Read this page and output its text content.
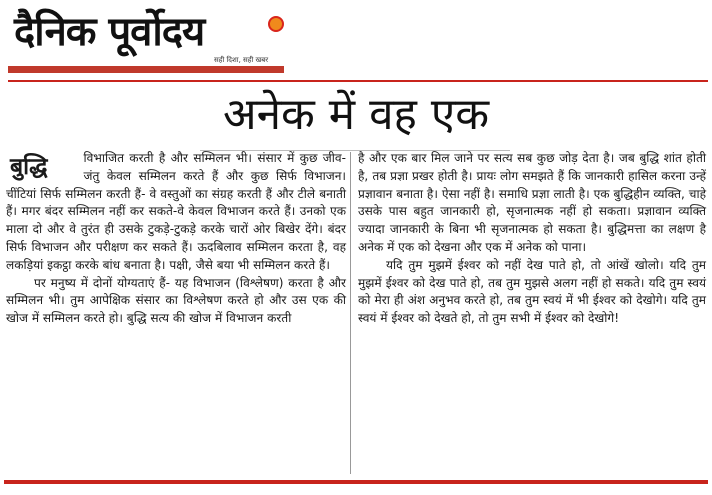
दैनिक पूर्वोदय
सही दिशा, सही खबर
अनेक में वह एक

बुद्धि	विभाजित करती है और सम्मिलन भी। संसार में कुछ जीव-जंतु केवल सम्मिलन करते हैं और कुछ सिर्फ विभाजन। चींटियां सिर्फ सम्मिलन करती हैं- वे वस्तुओं का संग्रह करती हैं और टीले बनाती हैं। मगर बंदर सम्मिलन नहीं कर सकते-वे केवल विभाजन करते हैं। उनको एक माला दो और वे तुरंत ही उसके टुकड़े-टुकड़े करके चारों ओर बिखेर देंगे। बंदर सिर्फ विभाजन और परीक्षण कर सकते हैं। ऊदबिलाव सम्मिलन करता है, वह लकड़ियां इकट्ठा करके बांध बनाता है। पक्षी, जैसे बया भी सम्मिलन करते हैं।

पर मनुष्य में दोनों योग्यताएं हैं- यह विभाजन (विश्लेषण) करता है और सम्मिलन भी। तुम आपेक्षिक संसार का विश्लेषण करते हो और उस एक की खोज में सम्मिलन करते हो। बुद्धि सत्य की खोज में विभाजन करती

है और एक बार मिल जाने पर सत्य सब कुछ जोड़ देता है। जब बुद्धि शांत होती है, तब प्रज्ञा प्रखर होती है। प्रायः लोग समझते हैं कि जानकारी हासिल करना उन्हें प्रज्ञावान बनाता है। ऐसा नहीं है। समाधि प्रज्ञा लाती है। एक बुद्धिहीन व्यक्ति, चाहे उसके पास बहुत जानकारी हो, सृजनात्मक नहीं हो सकता। प्रज्ञावान व्यक्ति ज्यादा जानकारी के बिना भी सृजनात्मक हो सकता है। बुद्धिमत्ता का लक्षण है अनेक में एक को देखना और एक में अनेक को पाना।

यदि तुम मुझमें ईश्वर को नहीं देख पाते हो, तो आंखें खोलो। यदि तुम मुझमें ईश्वर को देख पाते हो, तब तुम मुझसे अलग नहीं हो सकते। यदि तुम स्वयं को मेरा ही अंश अनुभव करते हो, तब तुम स्वयं में भी ईश्वर को देखोगे। यदि तुम स्वयं में ईश्वर को देखते हो, तो तुम सभी में ईश्वर को देखोगे!
